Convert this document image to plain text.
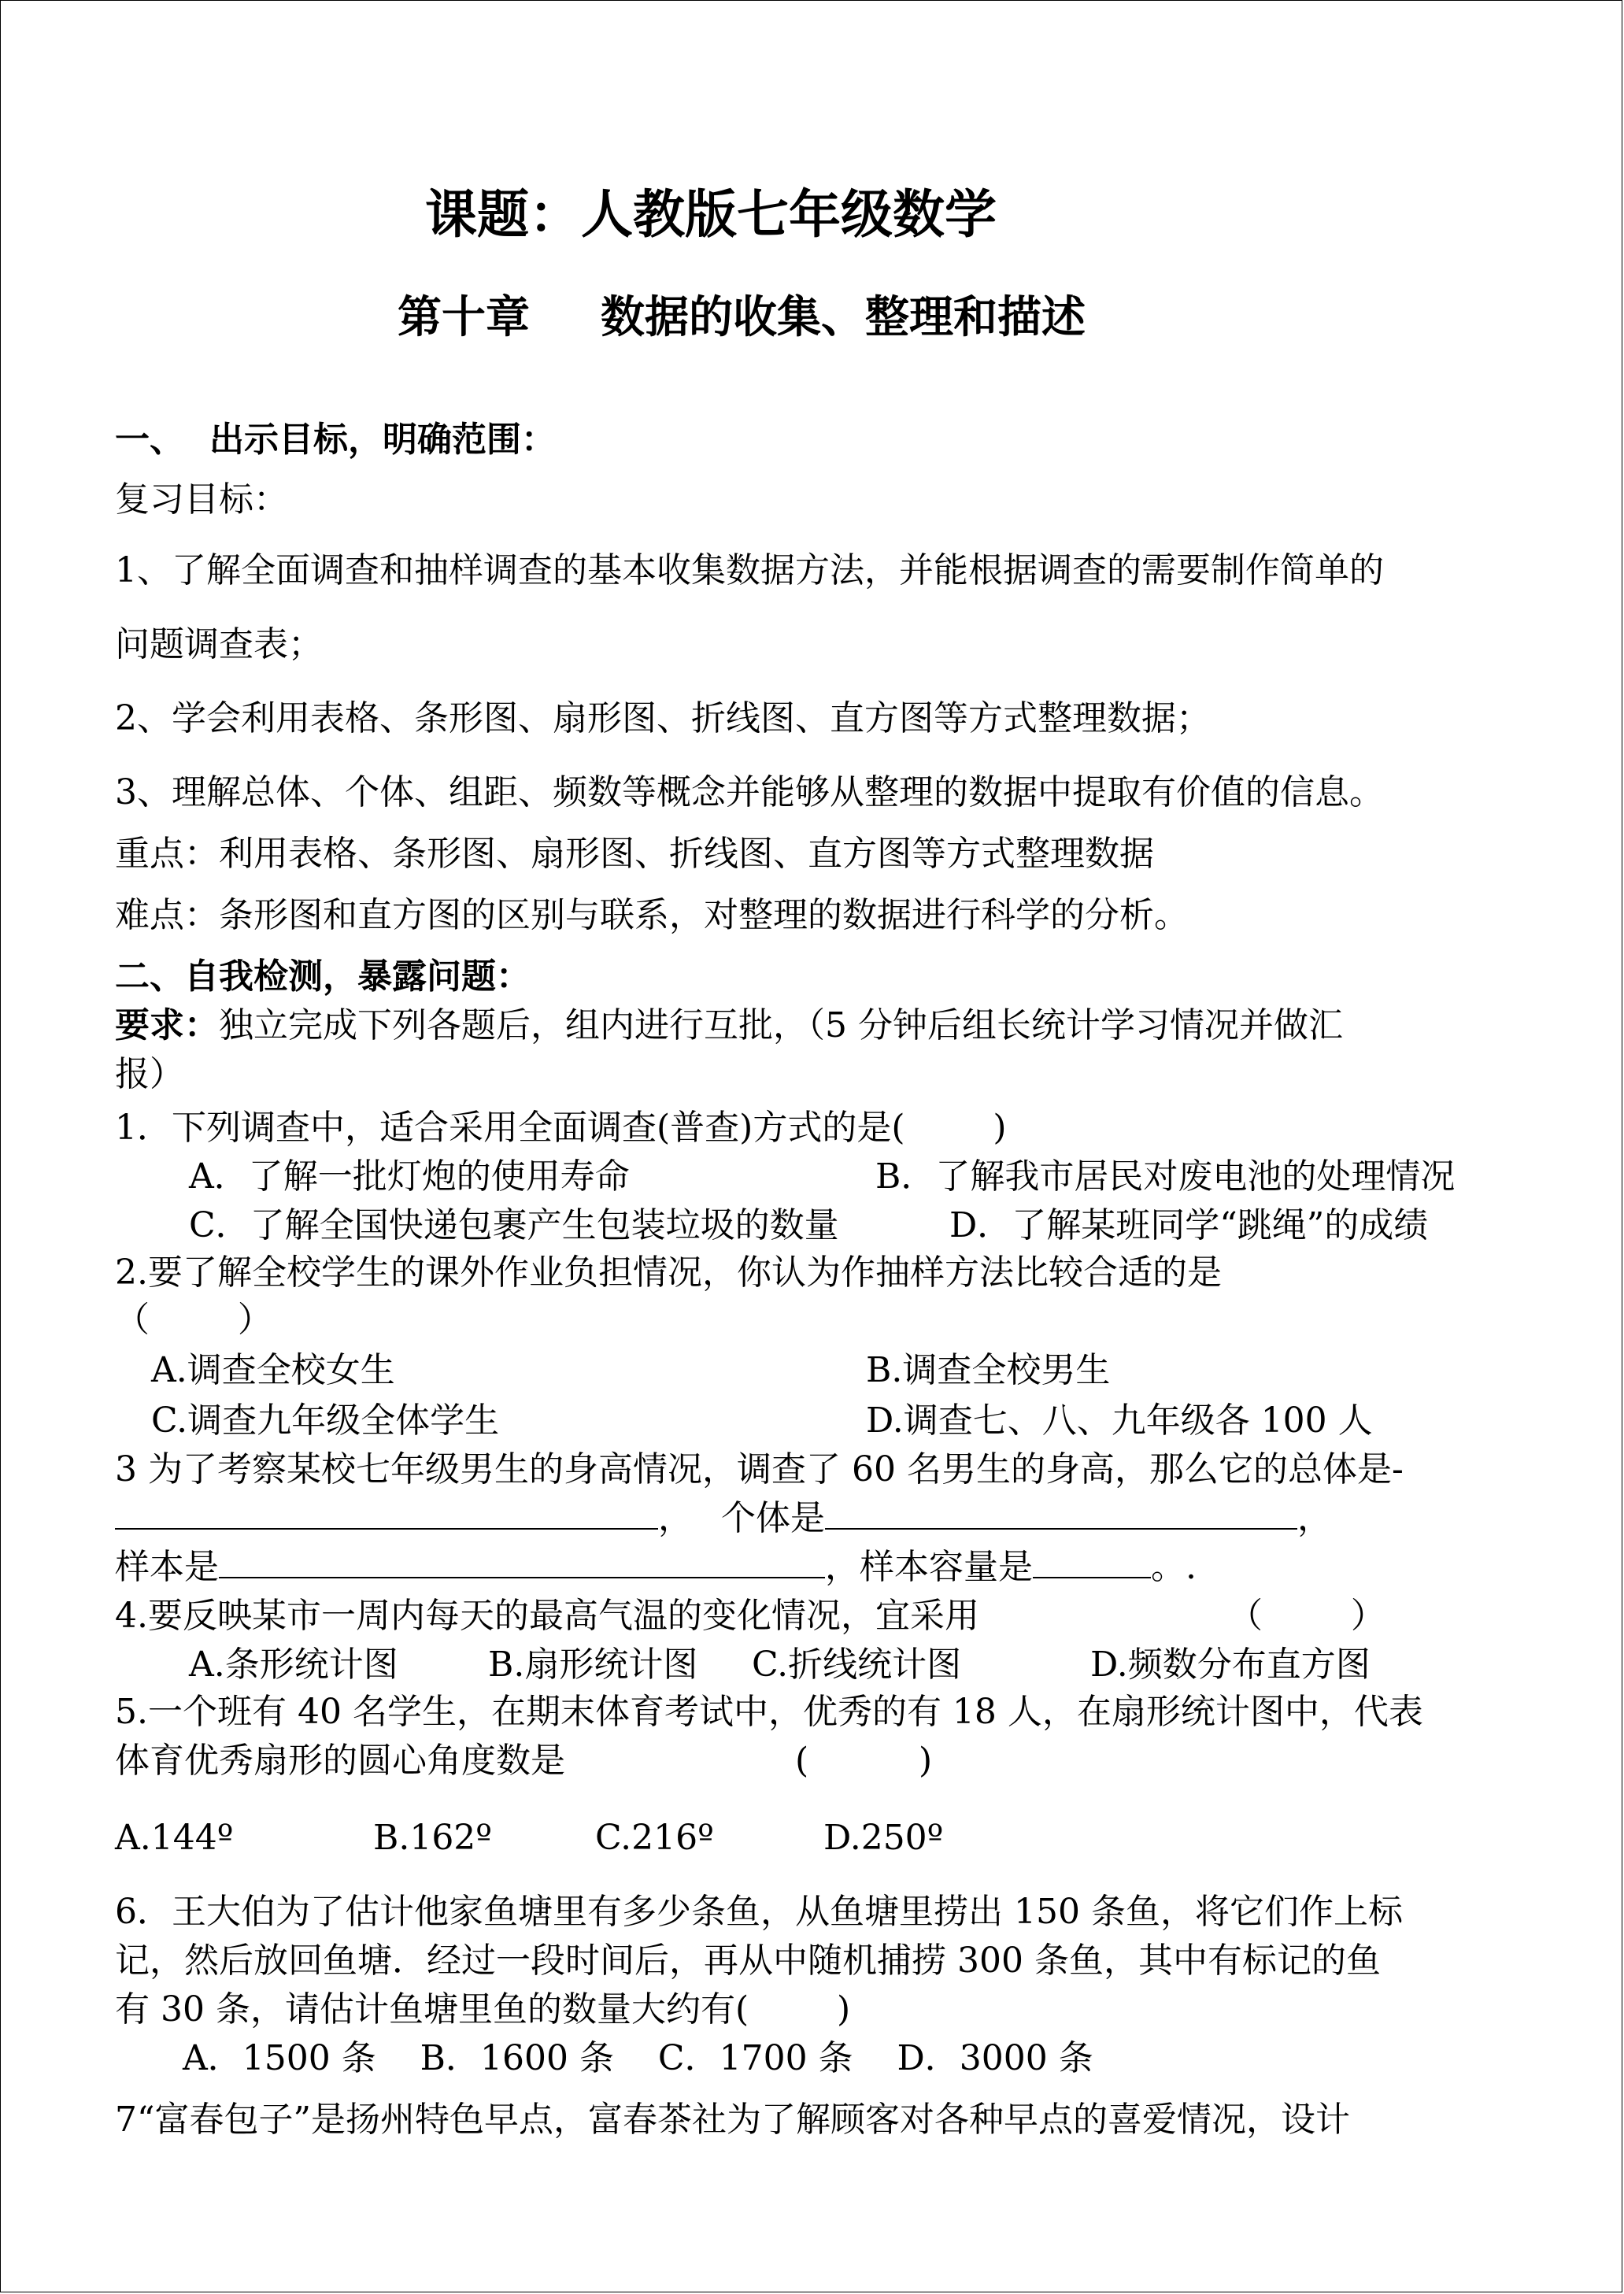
课题：人教版七年级数学
第十章 数据的收集、整理和描述
一、 出示目标，明确范围：
复习目标：
1、了解全面调查和抽样调查的基本收集数据方法，并能根据调查的需要制作简单的
问题调查表；
2、学会利用表格、条形图、扇形图、折线图、直方图等方式整理数据；
3、理解总体、个体、组距、频数等概念并能够从整理的数据中提取有价值的信息。
重点：利用表格、条形图、扇形图、折线图、直方图等方式整理数据
难点：条形图和直方图的区别与联系，对整理的数据进行科学的分析。
二、自我检测，暴露问题：
要求：独立完成下列各题后，组内进行互批，（5 分钟后组长统计学习情况并做汇
报）
1．下列调查中，适合采用全面调查(普查)方式的是(        )
A．了解一批灯炮的使用寿命	B．了解我市居民对废电池的处理情况
C．了解全国快递包裹产生包装垃圾的数量	D．了解某班同学“跳绳”的成绩
2.要了解全校学生的课外作业负担情况，你认为作抽样方法比较合适的是
（        ）
A.调查全校女生	B.调查全校男生
C.调查九年级全体学生	D.调查七、八、九年级各 100 人
3 为了考察某校七年级男生的身高情况，调查了 60 名男生的身高，那么它的总体是-
， 个体是	，
样本是	，样本容量是	。.
4.要反映某市一周内每天的最高气温的变化情况，宜采用	（        ）
A.条形统计图	B.扇形统计图 C.折线统计图	D.频数分布直方图
5.一个班有 40 名学生，在期末体育考试中，优秀的有 18 人，在扇形统计图中，代表
体育优秀扇形的圆心角度数是	(          )
A.144º	B.162º	C.216º	D.250º
6．王大伯为了估计他家鱼塘里有多少条鱼，从鱼塘里捞出 150 条鱼，将它们作上标
记，然后放回鱼塘．经过一段时间后，再从中随机捕捞 300 条鱼，其中有标记的鱼
有 30 条，请估计鱼塘里鱼的数量大约有(        )
A．1500 条    B．1600 条    C．1700 条    D．3000 条
7“富春包子”是扬州特色早点，富春茶社为了解顾客对各种早点的喜爱情况，设计
